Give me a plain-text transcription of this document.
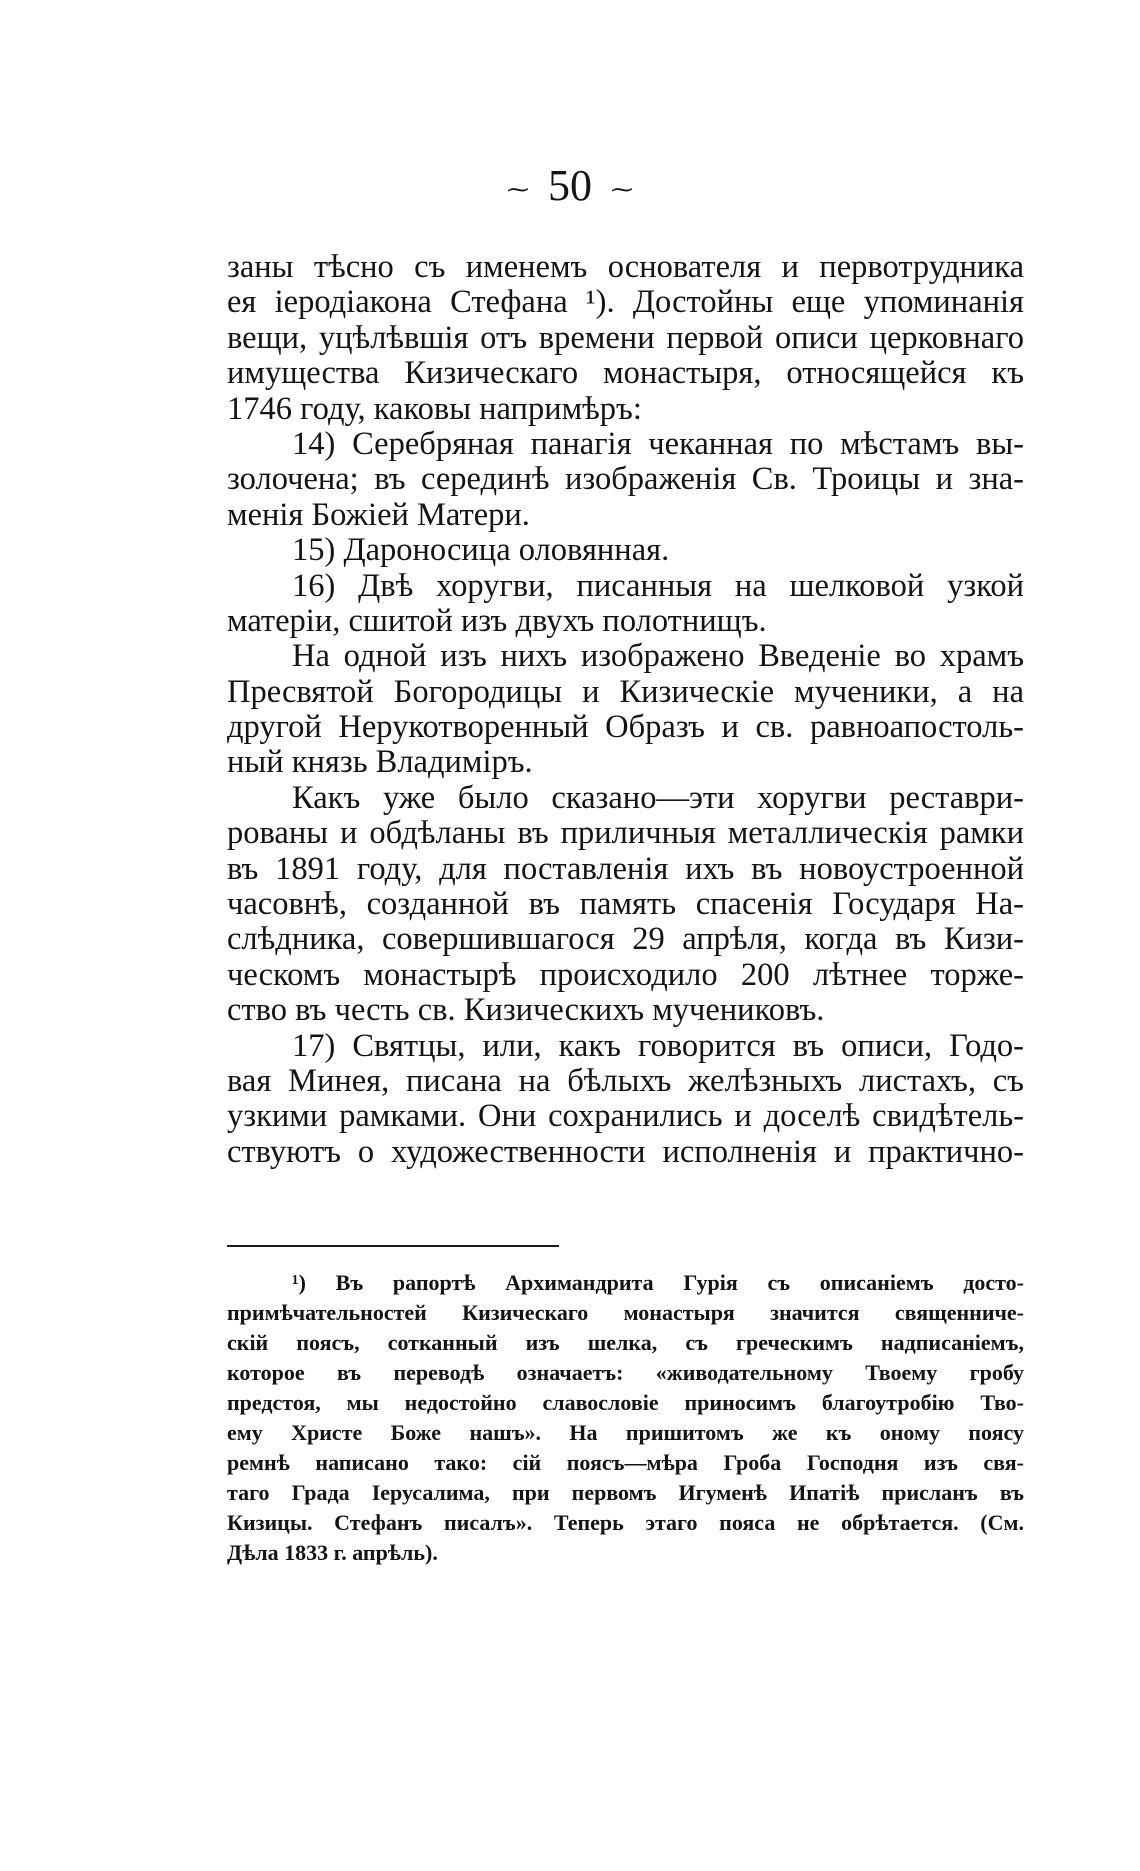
⁓ 50 ⁓
заны тѣсно съ именемъ основателя и первотрудника
ея іеродіакона Стефана ¹). Достойны еще упоминанія
вещи, уцѣлѣвшія отъ времени первой описи церковнаго
имущества Кизическаго монастыря, относящейся къ
1746 году, каковы напримѣръ:
14) Серебряная панагія чеканная по мѣстамъ вы-
золочена; въ серединѣ изображенія Св. Троицы и зна-
менія Божіей Матери.
15) Дароносица оловянная.
16) Двѣ хоругви, писанныя на шелковой узкой
матеріи, сшитой изъ двухъ полотнищъ.
На одной изъ нихъ изображено Введеніе во храмъ
Пресвятой Богородицы и Кизическіе мученики, а на
другой Нерукотворенный Образъ и св. равноапостоль-
ный князь Владиміръ.
Какъ уже было сказано—эти хоругви реставри-
рованы и обдѣланы въ приличныя металлическія рамки
въ 1891 году, для поставленія ихъ въ новоустроенной
часовнѣ, созданной въ память спасенія Государя На-
слѣдника, совершившагося 29 апрѣля, когда въ Кизи-
ческомъ монастырѣ происходило 200 лѣтнее торже-
ство въ честь св. Кизическихъ мучениковъ.
17) Святцы, или, какъ говорится въ описи, Годо-
вая Минея, писана на бѣлыхъ желѣзныхъ листахъ, съ
узкими рамками. Они сохранились и доселѣ свидѣтель-
ствуютъ о художественности исполненія и практично-
¹) Въ рапортѣ Архимандрита Гурія съ описаніемъ досто-
примѣчательностей Кизическаго монастыря значится священниче-
скій поясъ, сотканный изъ шелка, съ греческимъ надписаніемъ,
которое въ переводѣ означаетъ: «живодательному Твоему гробу
предстоя, мы недостойно славословіе приносимъ благоутробію Тво-
ему Христе Боже нашъ». На пришитомъ же къ оному поясу
ремнѣ написано тако: сій поясъ—мѣра Гроба Господня изъ свя-
таго Града Іерусалима, при первомъ Игуменѣ Ипатіѣ присланъ въ
Кизицы. Стефанъ писалъ». Теперь этаго пояса не обрѣтается. (См.
Дѣла 1833 г. апрѣль).
